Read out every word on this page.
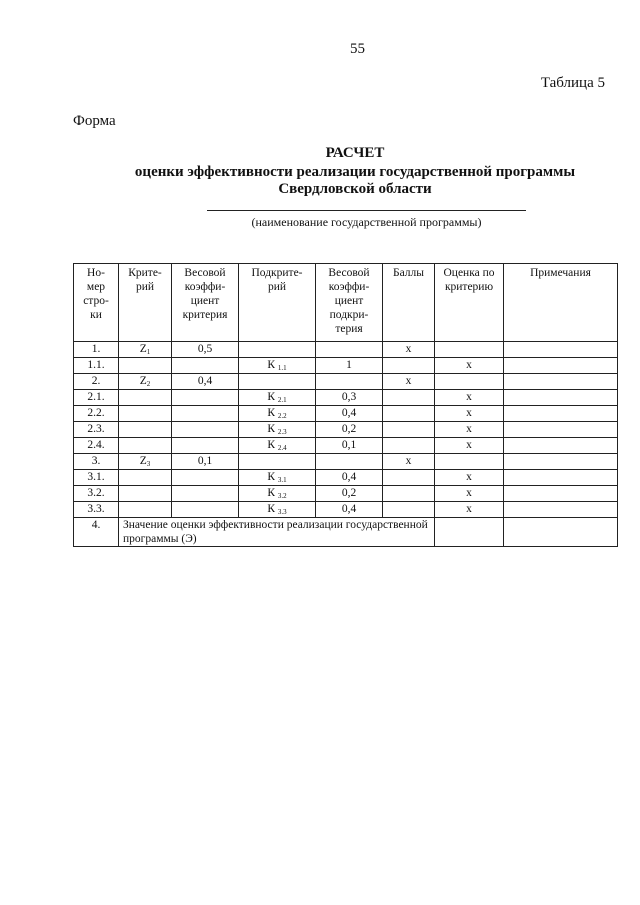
55
Таблица 5
Форма
РАСЧЕТ
оценки эффективности реализации государственной программы
Свердловской области
(наименование государственной программы)
Но-
мер
стро-
ки	Крите-
рий	Весовой
коэффи-
циент
критерия	Подкрите-
рий	Весовой
коэффи-
циент
подкри-
терия	Баллы	Оценка по
критерию	Примечания
1.	Z1	0,5			x		
1.1.			К 1.1	1		x	
2.	Z2	0,4			x		
2.1.			К 2.1	0,3		x	
2.2.			К 2.2	0,4		x	
2.3.			К 2.3	0,2		x	
2.4.			К 2.4	0,1		x	
3.	Z3	0,1			x		
3.1.			К 3.1	0,4		x	
3.2.			К 3.2	0,2		x	
3.3.			К 3.3	0,4		x	
4.	Значение оценки эффективности реализации государственной программы (Э)						
